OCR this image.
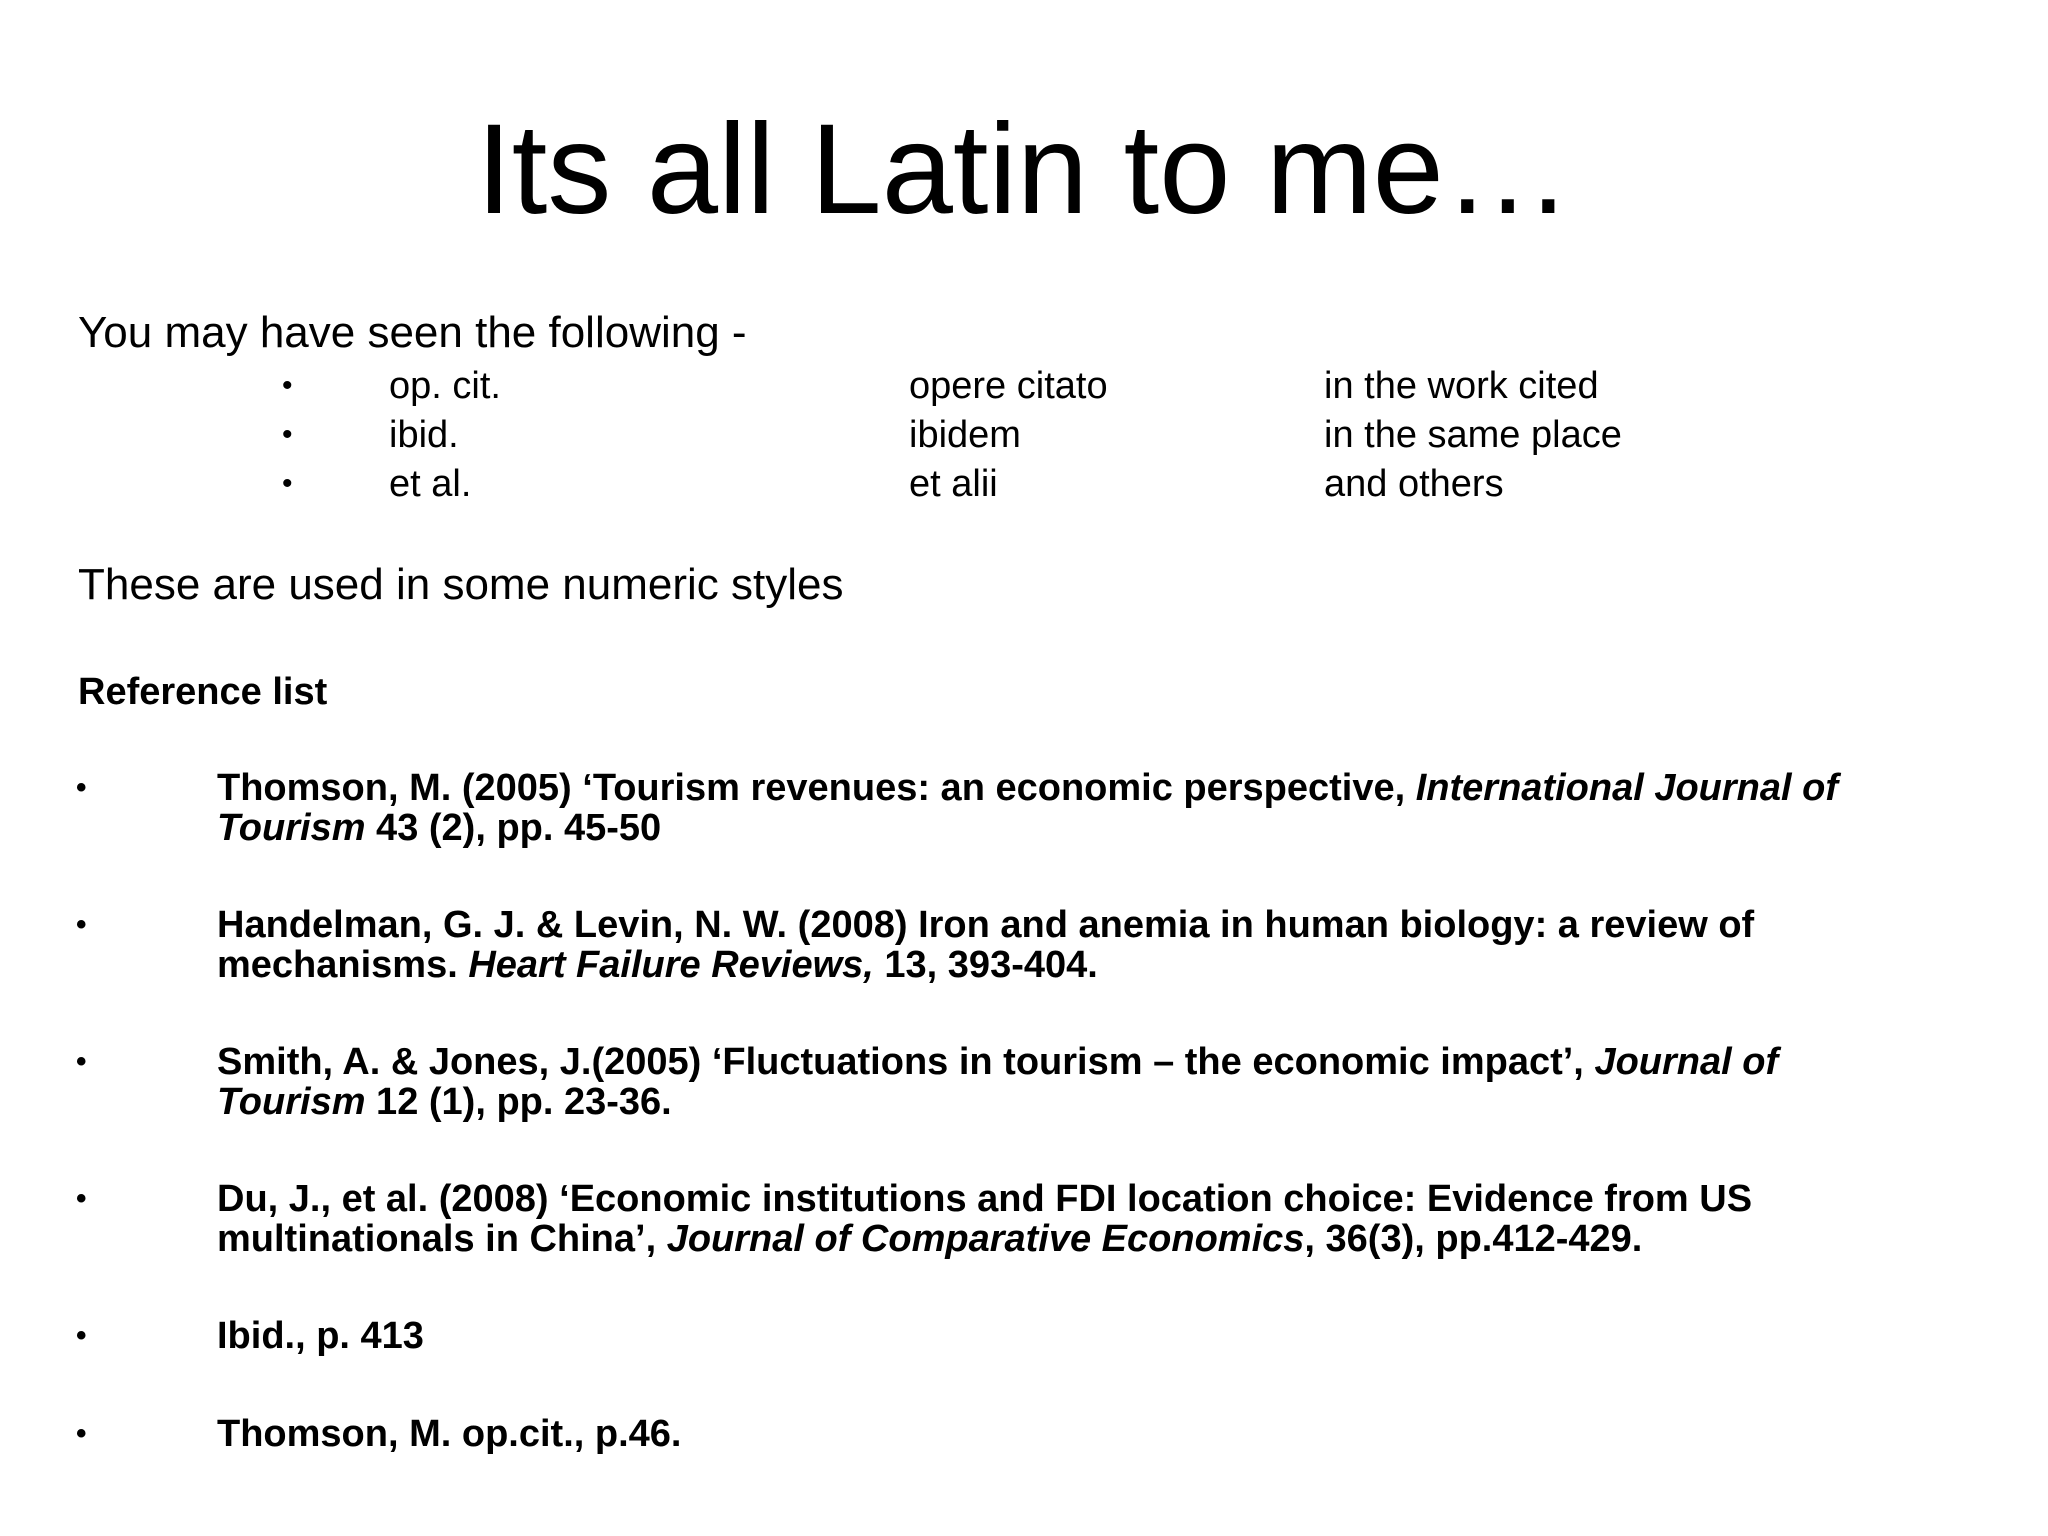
Its all Latin to me…
You may have seen the following -
•	op. cit.	opere citato	in the work cited
•	ibid.	ibidem	in the same place
•	et al.	et alii	and others
These are used in some numeric styles
Reference list
•	Thomson, M. (2005) ‘Tourism revenues: an economic perspective, International Journal of
Tourism 43 (2), pp. 45-50
•	Handelman, G. J. & Levin, N. W. (2008) Iron and anemia in human biology: a review of
mechanisms. Heart Failure Reviews, 13, 393-404.
•	Smith, A. & Jones, J.(2005) ‘Fluctuations in tourism – the economic impact’, Journal of
Tourism 12 (1), pp. 23-36.
•	Du, J., et al. (2008) ‘Economic institutions and FDI location choice: Evidence from US
multinationals in China’, Journal of Comparative Economics, 36(3), pp.412-429.
•	Ibid., p. 413
•	Thomson, M. op.cit., p.46.
